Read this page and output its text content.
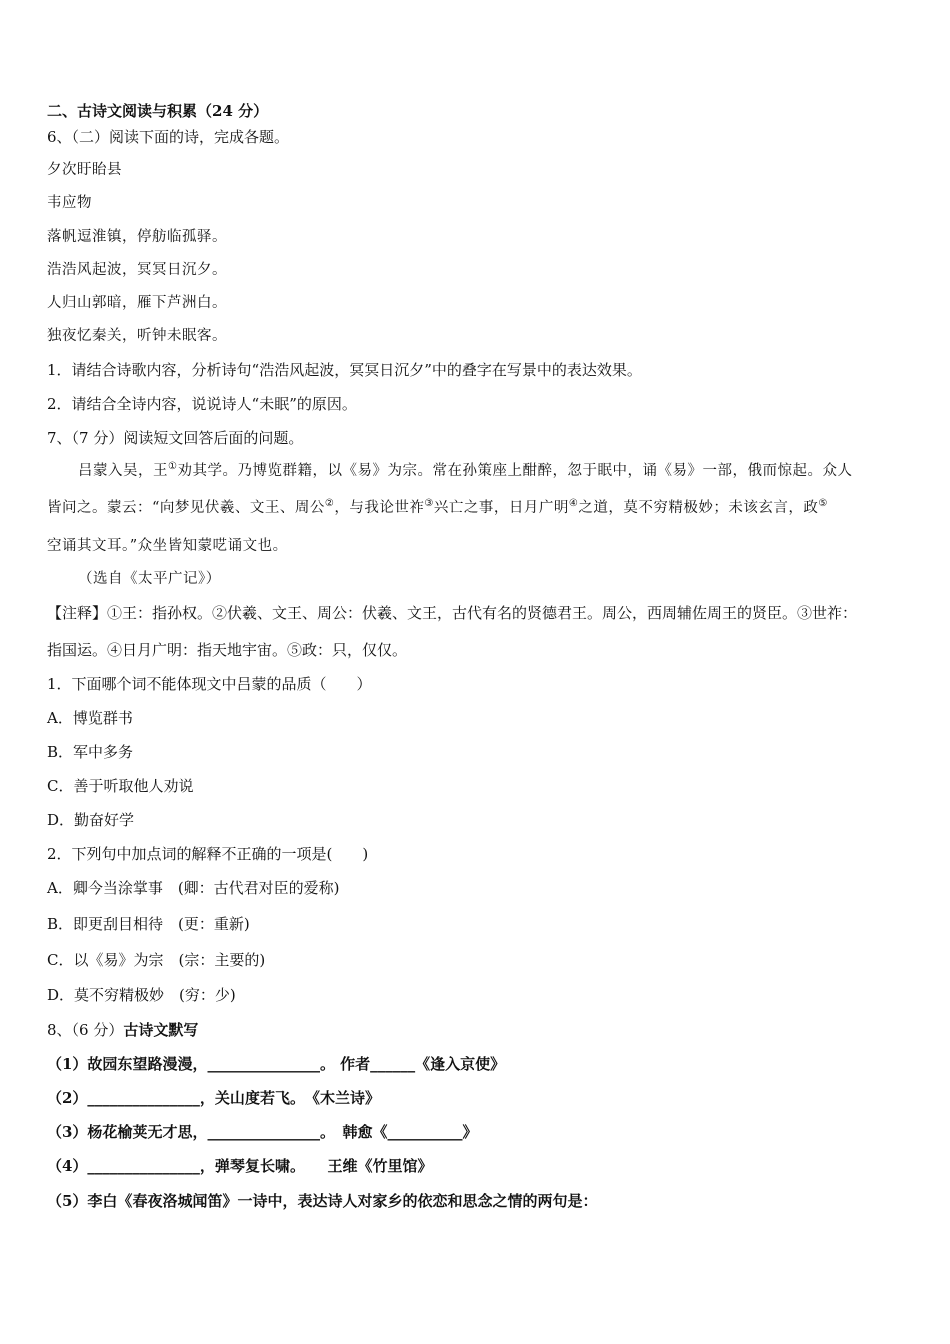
二、古诗文阅读与积累（24 分）
6、（二）阅读下面的诗，完成各题。
夕次盱眙县
韦应物
落帆逗淮镇，停舫临孤驿。
浩浩风起波，冥冥日沉夕。
人归山郭暗，雁下芦洲白。
独夜忆秦关，听钟未眠客。
1．请结合诗歌内容，分析诗句“浩浩风起波，冥冥日沉夕”中的叠字在写景中的表达效果。
2．请结合全诗内容，说说诗人“未眠”的原因。
7、（7 分）阅读短文回答后面的问题。
吕蒙入吴，王①劝其学。乃博览群籍，以《易》为宗。常在孙策座上酣醉，忽于眠中，诵《易》一部，俄而惊起。众人
皆问之。蒙云：“向梦见伏羲、文王、周公②，与我论世祚③兴亡之事，日月广明④之道，莫不穷精极妙；未该玄言，政⑤
空诵其文耳。”众坐皆知蒙呓诵文也。
（选自《太平广记》）
【注释】①王：指孙权。②伏羲、文王、周公：伏羲、文王，古代有名的贤德君王。周公，西周辅佐周王的贤臣。③世祚：
指国运。④日月广明：指天地宇宙。⑤政：只，仅仅。
1．下面哪个词不能体现文中吕蒙的品质（　　）
A．博览群书
B．军中多务
C．善于听取他人劝说
D．勤奋好学
2．下列句中加点词的解释不正确的一项是(　　)
A．卿今当涂掌事　(卿：古代君对臣的爱称)
B．即更刮目相待　(更：重新)
C．以《易》为宗　(宗：主要的)
D．莫不穷精极妙　(穷：少)
8、（6 分）古诗文默写
（1）故园东望路漫漫，_______________。 作者______《逢入京使》
（2）_______________，关山度若飞。　《木兰诗》
（3）杨花榆荚无才思，_______________。　韩愈《__________》
（4）_______________，弹琴复长啸。　　王维《竹里馆》
（5）李白《春夜洛城闻笛》一诗中，表达诗人对家乡的依恋和思念之情的两句是：
